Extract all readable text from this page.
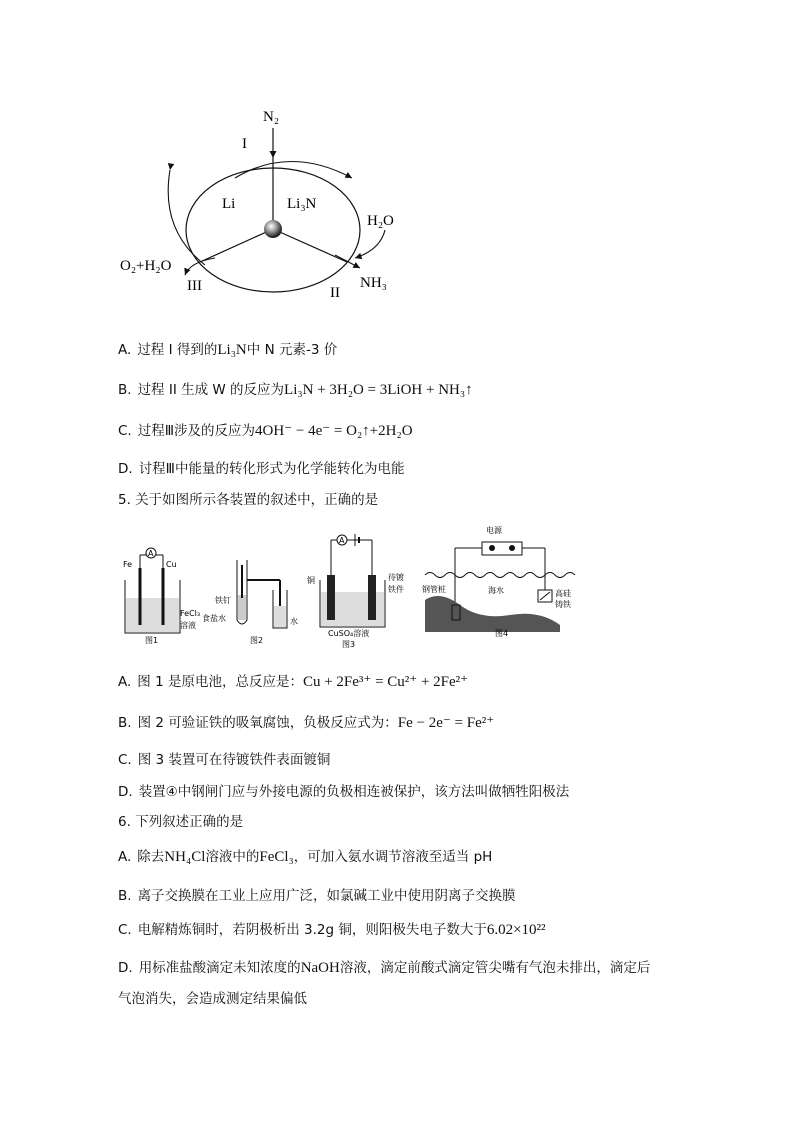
N₂
I
Li	Li₃N
H₂O
O₂+H₂O
NH₃
III	II
A. 过程 I 得到的Li₃N中 N 元素-3 价
B. 过程 II 生成 W 的反应为Li₃N + 3H₂O = 3LiOH + NH₃↑
C. 过程Ⅲ涉及的反应为4OH⁻ − 4e⁻ = O₂↑+2H₂O
D. 讨程Ⅲ中能量的转化形式为化学能转化为电能
5. 关于如图所示各装置的叙述中，正确的是
A
Fe	Cu
FeCl₃
溶液
图1
铁钉
食盐水	水
图2
A
铜	待镀
铁件
CuSO₄溶液
图3
电源
钢管桩	海水	高硅
铸铁
图4
A. 图 1 是原电池，总反应是：Cu + 2Fe³⁺ = Cu²⁺ + 2Fe²⁺
B. 图 2 可验证铁的吸氧腐蚀，负极反应式为：Fe − 2e⁻ = Fe²⁺
C. 图 3 装置可在待镀铁件表面镀铜
D. 装置④中钢闸门应与外接电源的负极相连被保护，该方法叫做牺牲阳极法
6. 下列叙述正确的是
A. 除去NH₄Cl溶液中的FeCl₃，可加入氨水调节溶液至适当 pH
B. 离子交换膜在工业上应用广泛，如氯碱工业中使用阴离子交换膜
C. 电解精炼铜时，若阴极析出 3.2g 铜，则阳极失电子数大于6.02×10²²
D. 用标准盐酸滴定未知浓度的NaOH溶液，滴定前酸式滴定管尖嘴有气泡未排出，滴定后
气泡消失，会造成测定结果偏低
